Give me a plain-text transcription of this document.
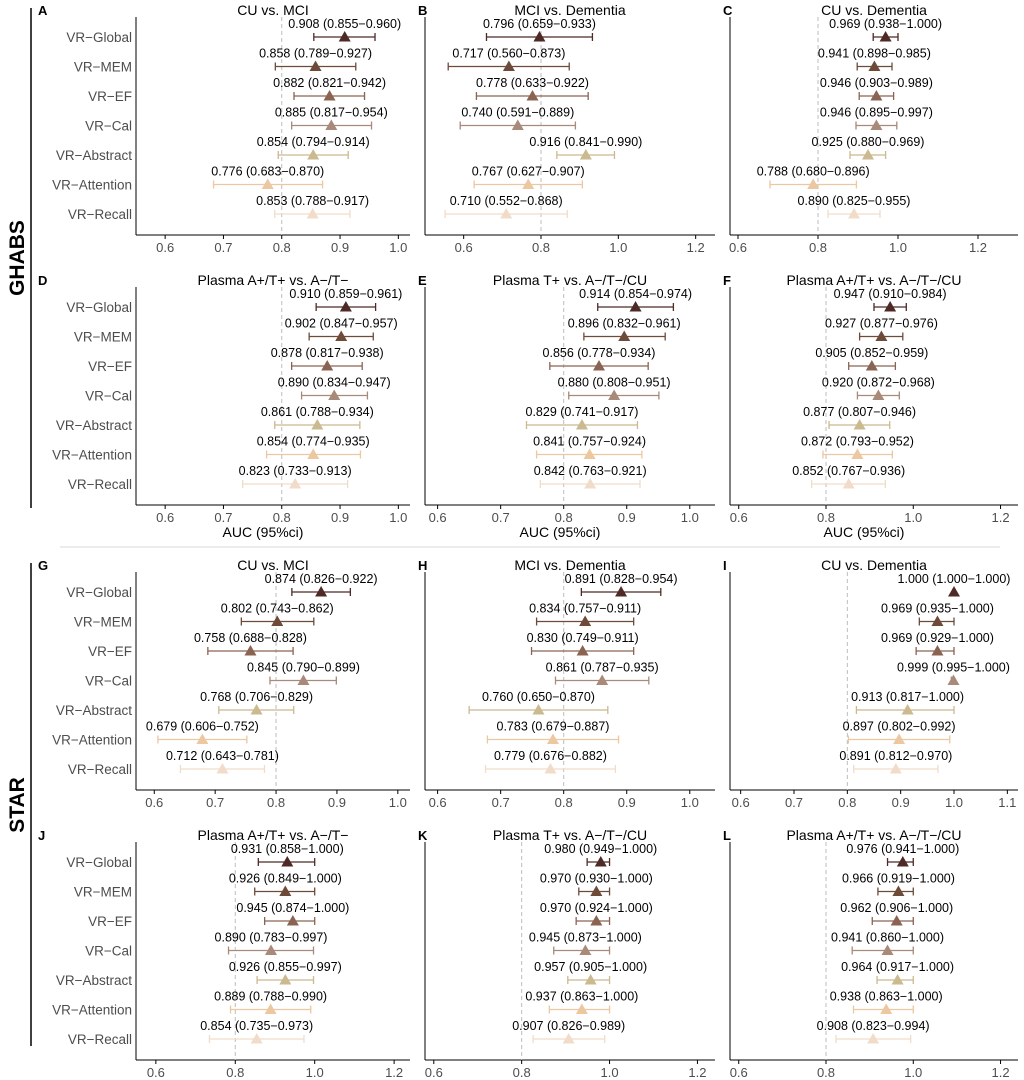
GHABS
STAR
A	CU vs. MCI
0.6	0.7	0.8	0.9	1.0
VR−Global
0.908 (0.855−0.960)
VR−MEM
0.858 (0.789−0.927)
VR−EF
0.882 (0.821−0.942)
VR−Cal
0.885 (0.817−0.954)
VR−Abstract
0.854 (0.794−0.914)
VR−Attention
0.776 (0.683−0.870)
VR−Recall
0.853 (0.788−0.917)
B	MCI vs. Dementia
0.6	0.8	1.0	1.2
0.796 (0.659−0.933)
0.717 (0.560−0.873)
0.778 (0.633−0.922)
0.740 (0.591−0.889)
0.916 (0.841−0.990)
0.767 (0.627−0.907)
0.710 (0.552−0.868)
C	CU vs. Dementia
0.6	0.8	1.0	1.2
0.969 (0.938−1.000)
0.941 (0.898−0.985)
0.946 (0.903−0.989)
0.946 (0.895−0.997)
0.925 (0.880−0.969)
0.788 (0.680−0.896)
0.890 (0.825−0.955)
D	Plasma A+/T+ vs. A−/T−
0.6	0.7	0.8	0.9	1.0
AUC (95%ci)
VR−Global
0.910 (0.859−0.961)
VR−MEM
0.902 (0.847−0.957)
VR−EF
0.878 (0.817−0.938)
VR−Cal
0.890 (0.834−0.947)
VR−Abstract
0.861 (0.788−0.934)
VR−Attention
0.854 (0.774−0.935)
VR−Recall
0.823 (0.733−0.913)
E	Plasma T+ vs. A−/T−/CU
0.6	0.7	0.8	0.9	1.0
AUC (95%ci)
0.914 (0.854−0.974)
0.896 (0.832−0.961)
0.856 (0.778−0.934)
0.880 (0.808−0.951)
0.829 (0.741−0.917)
0.841 (0.757−0.924)
0.842 (0.763−0.921)
F	Plasma A+/T+ vs. A−/T−/CU
0.6	0.8	1.0	1.2
AUC (95%ci)
0.947 (0.910−0.984)
0.927 (0.877−0.976)
0.905 (0.852−0.959)
0.920 (0.872−0.968)
0.877 (0.807−0.946)
0.872 (0.793−0.952)
0.852 (0.767−0.936)
G	CU vs. MCI
0.6	0.7	0.8	0.9	1.0
VR−Global
0.874 (0.826−0.922)
VR−MEM
0.802 (0.743−0.862)
VR−EF
0.758 (0.688−0.828)
VR−Cal
0.845 (0.790−0.899)
VR−Abstract
0.768 (0.706−0.829)
VR−Attention
0.679 (0.606−0.752)
VR−Recall
0.712 (0.643−0.781)
H	MCI vs. Dementia
0.6	0.7	0.8	0.9	1.0
0.891 (0.828−0.954)
0.834 (0.757−0.911)
0.830 (0.749−0.911)
0.861 (0.787−0.935)
0.760 (0.650−0.870)
0.783 (0.679−0.887)
0.779 (0.676−0.882)
I	CU vs. Dementia
0.6	0.7	0.8	0.9	1.0	1.1
1.000 (1.000−1.000)
0.969 (0.935−1.000)
0.969 (0.929−1.000)
0.999 (0.995−1.000)
0.913 (0.817−1.000)
0.897 (0.802−0.992)
0.891 (0.812−0.970)
J	Plasma A+/T+ vs. A−/T−
0.6	0.8	1.0	1.2
VR−Global
0.931 (0.858−1.000)
VR−MEM
0.926 (0.849−1.000)
VR−EF
0.945 (0.874−1.000)
VR−Cal
0.890 (0.783−0.997)
VR−Abstract
0.926 (0.855−0.997)
VR−Attention
0.889 (0.788−0.990)
VR−Recall
0.854 (0.735−0.973)
K	Plasma T+ vs. A−/T−/CU
0.6	0.8	1.0	1.2
0.980 (0.949−1.000)
0.970 (0.930−1.000)
0.970 (0.924−1.000)
0.945 (0.873−1.000)
0.957 (0.905−1.000)
0.937 (0.863−1.000)
0.907 (0.826−0.989)
L	Plasma A+/T+ vs. A−/T−/CU
0.6	0.8	1.0	1.2
0.976 (0.941−1.000)
0.966 (0.919−1.000)
0.962 (0.906−1.000)
0.941 (0.860−1.000)
0.964 (0.917−1.000)
0.938 (0.863−1.000)
0.908 (0.823−0.994)
